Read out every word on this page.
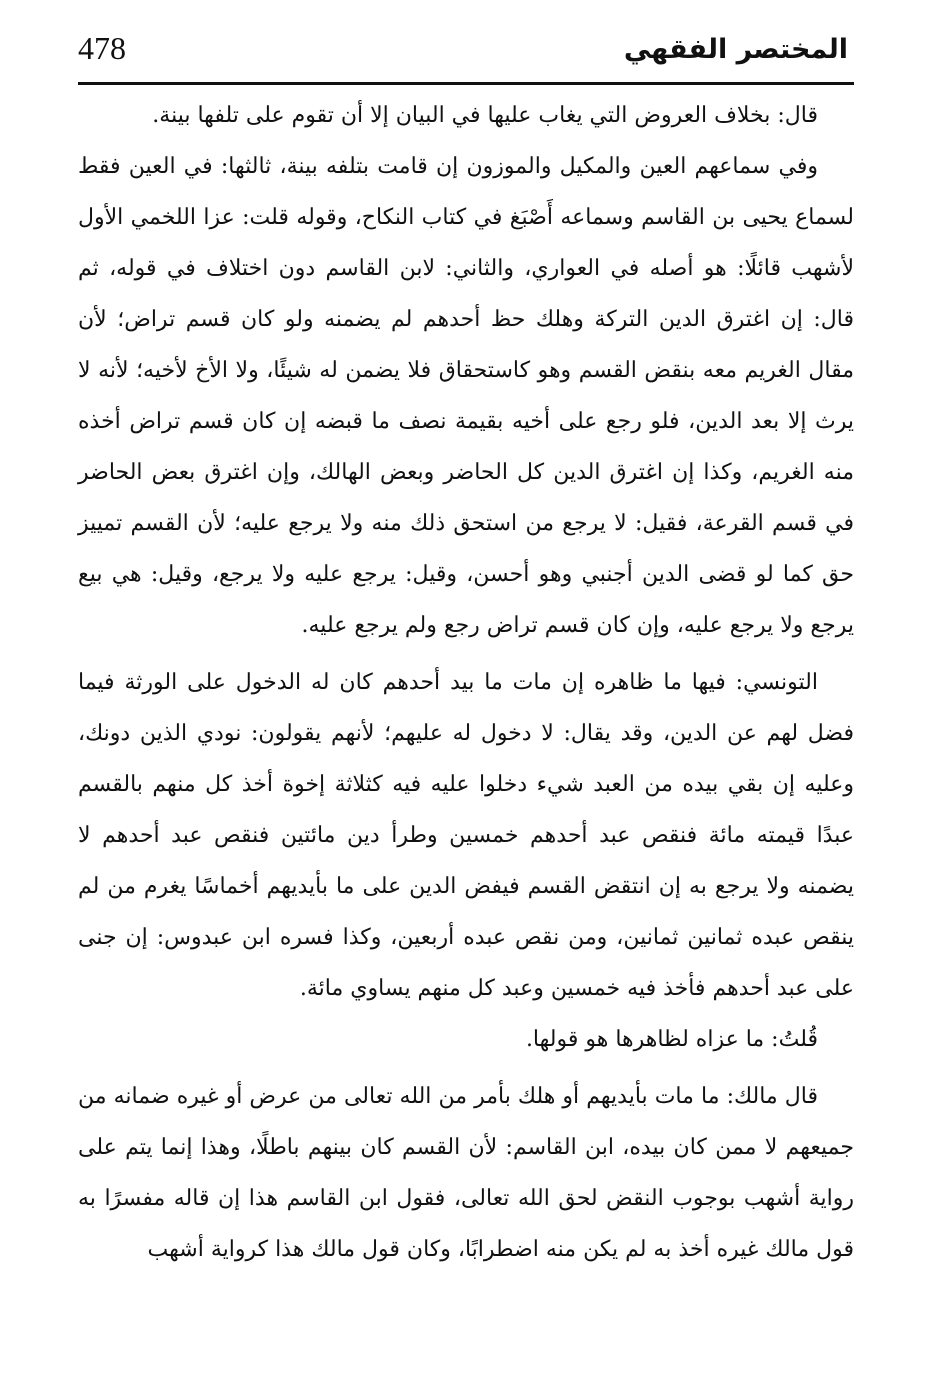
478	المختصر الفقهي

قال: بخلاف العروض التي يغاب عليها في البيان إلا أن تقوم على تلفها بينة.

وفي سماعهم العين والمكيل والموزون إن قامت بتلفه بينة، ثالثها: في العين فقط لسماع يحيى بن القاسم وسماعه أَصْبَغ في كتاب النكاح، وقوله قلت: عزا اللخمي الأول لأشهب قائلًا: هو أصله في العواري، والثاني: لابن القاسم دون اختلاف في قوله، ثم قال: إن اغترق الدين التركة وهلك حظ أحدهم لم يضمنه ولو كان قسم تراض؛ لأن مقال الغريم معه بنقض القسم وهو كاستحقاق فلا يضمن له شيئًا، ولا الأخ لأخيه؛ لأنه لا يرث إلا بعد الدين، فلو رجع على أخيه بقيمة نصف ما قبضه إن كان قسم تراض أخذه منه الغريم، وكذا إن اغترق الدين كل الحاضر وبعض الهالك، وإن اغترق بعض الحاضر في قسم القرعة، فقيل: لا يرجع من استحق ذلك منه ولا يرجع عليه؛ لأن القسم تمييز حق كما لو قضى الدين أجنبي وهو أحسن، وقيل: يرجع عليه ولا يرجع، وقيل: هي بيع يرجع ولا يرجع عليه، وإن كان قسم تراض رجع ولم يرجع عليه.

التونسي: فيها ما ظاهره إن مات ما بيد أحدهم كان له الدخول على الورثة فيما فضل لهم عن الدين، وقد يقال: لا دخول له عليهم؛ لأنهم يقولون: نودي الذين دونك، وعليه إن بقي بيده من العبد شيء دخلوا عليه فيه كثلاثة إخوة أخذ كل منهم بالقسم عبدًا قيمته مائة فنقص عبد أحدهم خمسين وطرأ دين مائتين فنقص عبد أحدهم لا يضمنه ولا يرجع به إن انتقض القسم فيفض الدين على ما بأيديهم أخماسًا يغرم من لم ينقص عبده ثمانين ثمانين، ومن نقص عبده أربعين، وكذا فسره ابن عبدوس: إن جنى على عبد أحدهم فأخذ فيه خمسين وعبد كل منهم يساوي مائة.

قُلتُ: ما عزاه لظاهرها هو قولها.

قال مالك: ما مات بأيديهم أو هلك بأمر من الله تعالى من عرض أو غيره ضمانه من جميعهم لا ممن كان بيده، ابن القاسم: لأن القسم كان بينهم باطلًا، وهذا إنما يتم على رواية أشهب بوجوب النقض لحق الله تعالى، فقول ابن القاسم هذا إن قاله مفسرًا به قول مالك غيره أخذ به لم يكن منه اضطرابًا، وكان قول مالك هذا كرواية أشهب
